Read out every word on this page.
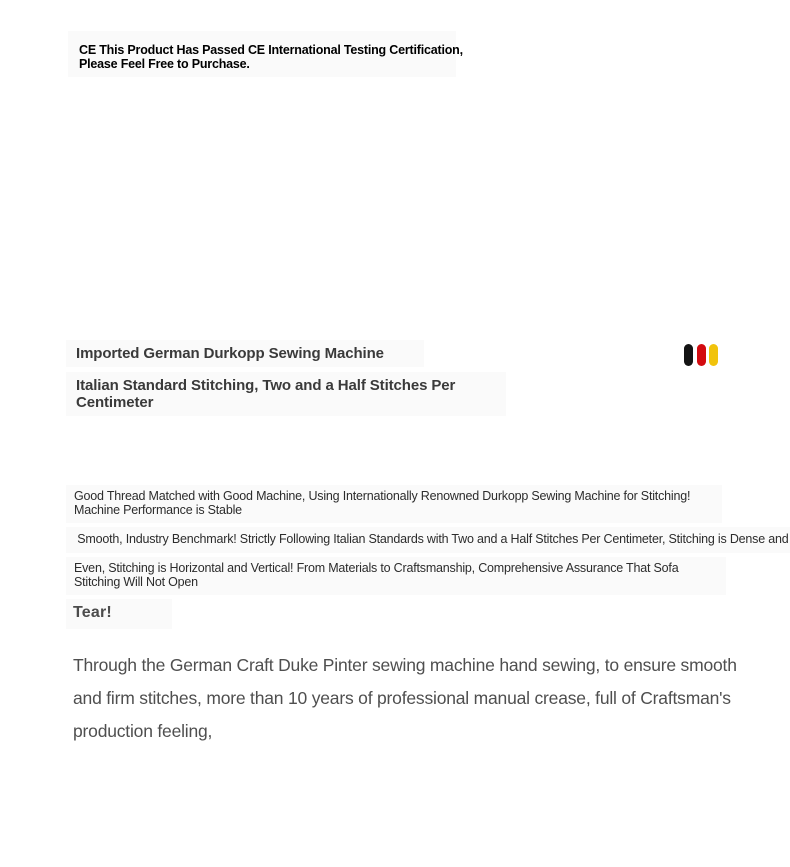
CE This Product Has Passed CE International Testing Certification,
Please Feel Free to Purchase.
Imported German Durkopp Sewing Machine
Italian Standard Stitching, Two and a Half Stitches Per
Centimeter

Good Thread Matched with Good Machine, Using Internationally Renowned Durkopp Sewing Machine for Stitching!
Machine Performance is Stable

Smooth, Industry Benchmark! Strictly Following Italian Standards with Two and a Half Stitches Per Centimeter, Stitching is Dense and

Even, Stitching is Horizontal and Vertical! From Materials to Craftsmanship, Comprehensive Assurance That Sofa
Stitching Will Not Open

Tear!

Through the German Craft Duke Pinter sewing machine hand sewing, to ensure smooth
and firm stitches, more than 10 years of professional manual crease, full of Craftsman's
production feeling,
